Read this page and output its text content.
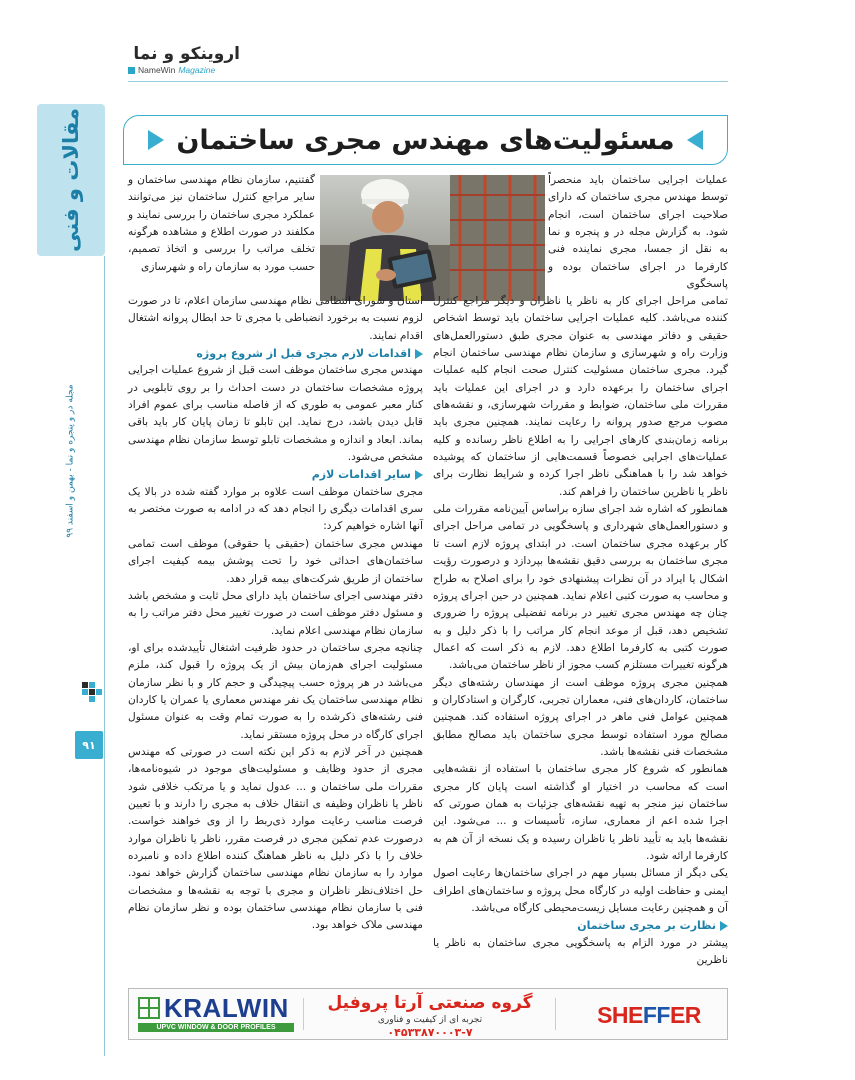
اروینکو و نما
NameWin Magazine
مقالات و فنی
مجله در و پنجره و نما - بهمن و اسفند ۹۹
۹۱
مسئولیت‌های مهندس مجری ساختمان

عملیات اجرایی ساختمان باید منحصراً توسط مهندس مجری ساختمان که دارای صلاحیت اجرای ساختمان است، انجام شود. به گزارش مجله در و پنجره و نما به نقل از جمسا، مجری نماینده فنی کارفرما در اجرای ساختمان بوده و پاسخگوی

گفتنیم، سازمان نظام مهندسی ساختمان و سایر مراجع کنترل ساختمان نیز می‌توانند عملکرد مجری ساختمان را بررسی نمایند و مکلفند در صورت اطلاع و مشاهده هرگونه تخلف مراتب را بررسی و اتخاذ تصمیم، حسب مورد به سازمان راه و شهرسازی

تمامی مراحل اجرای کار به ناظر یا ناظران و دیگر مراجع کنترل کننده می‌باشد. کلیه عملیات اجرایی ساختمان باید توسط اشخاص حقیقی و دفاتر مهندسی به عنوان مجری طبق دستورالعمل‌های وزارت راه و شهرسازی و سازمان نظام مهندسی ساختمان انجام گیرد. مجری ساختمان مسئولیت کنترل صحت انجام کلیه عملیات اجرای ساختمان را برعهده دارد و در اجرای این عملیات باید مقررات ملی ساختمان، ضوابط و مقررات شهرسازی، و نقشه‌های مصوب مرجع صدور پروانه را رعایت نمایند. همچنین مجری باید برنامه زمان‌بندی کارهای اجرایی را به اطلاع ناظر رسانده و کلیه عملیات‌های اجرایی خصوصاً قسمت‌هایی از ساختمان که پوشیده خواهد شد را با هماهنگی ناظر اجرا کرده و شرایط نظارت برای ناظر یا ناظرین ساختمان را فراهم کند.

همانطور که اشاره شد اجرای سازه براساس آیین‌نامه مقررات ملی و دستورالعمل‌های شهرداری و پاسخگویی در تمامی مراحل اجرای کار برعهده مجری ساختمان است. در ابتدای پروژه لازم است تا مجری ساختمان به بررسی دقیق نقشه‌ها بپردازد و درصورت رؤیت اشکال یا ایراد در آن نظرات پیشنهادی خود را برای اصلاح به طراح و محاسب به صورت کتبی اعلام نماید. همچنین در حین اجرای پروژه چنان چه مهندس مجری تغییر در برنامه تفضیلی پروژه را ضروری تشخیص دهد، قبل از موعد انجام کار مراتب را با ذکر دلیل و به صورت کتبی به کارفرما اطلاع دهد. لازم به ذکر است که اعمال هرگونه تغییرات مستلزم کسب مجوز از ناظر ساختمان می‌باشد.

همچنین مجری پروژه موظف است از مهندسان رشته‌های دیگر ساختمان، کاردان‌های فنی، معماران تجربی، کارگران و استادکاران و همچنین عوامل فنی ماهر در اجرای پروژه استفاده کند. همچنین مصالح مورد استفاده توسط مجری ساختمان باید مصالح مطابق مشخصات فنی نقشه‌ها باشد.

همانطور که شروع کار مجری ساختمان با استفاده از نقشه‌هایی است که محاسب در اختیار او گذاشته است پایان کار مجری ساختمان نیز منجر به تهیه نقشه‌های جزئیات به همان صورتی که اجرا شده اعم از معماری، سازه، تأسیسات و ... می‌شود. این نقشه‌ها باید به تأیید ناظر یا ناظران رسیده و یک نسخه از آن هم به کارفرما ارائه شود.

یکی دیگر از مسائل بسیار مهم در اجرای ساختمان‌ها رعایت اصول ایمنی و حفاظت اولیه در کارگاه محل پروژه و ساختمان‌های اطراف آن و همچنین رعایت مسایل زیست‌محیطی کارگاه می‌باشد.

نظارت بر مجری ساختمان

پیشتر در مورد الزام به پاسخگویی مجری ساختمان به ناظر یا ناظرین

استان و شورای انتظامی نظام مهندسی سازمان اعلام، تا در صورت لزوم نسبت به برخورد انضباطی با مجری تا حد ابطال پروانه اشتغال اقدام نمایند.

اقدامات لازم مجری قبل از شروع پروژه

مهندس مجری ساختمان موظف است قبل از شروع عملیات اجرایی پروژه مشخصات ساختمان در دست احداث را بر روی تابلویی در کنار معبر عمومی به طوری که از فاصله مناسب برای عموم افراد قابل دیدن باشد، درج نماید. این تابلو تا زمان پایان کار باید باقی بماند. ابعاد و اندازه و مشخصات تابلو توسط سازمان نظام مهندسی مشخص می‌شود.

سایر اقدامات لازم

مجری ساختمان موظف است علاوه بر موارد گفته شده در بالا یک سری اقدامات دیگری را انجام دهد که در ادامه به صورت مختصر به آنها اشاره خواهیم کرد:

مهندس مجری ساختمان (حقیقی یا حقوقی) موظف است تمامی ساختمان‌های احداثی خود را تحت پوشش بیمه کیفیت اجرای ساختمان از طریق شرکت‌های بیمه قرار دهد.

دفتر مهندسی اجرای ساختمان باید دارای محل ثابت و مشخص باشد و مسئول دفتر موظف است در صورت تغییر محل دفتر مراتب را به سازمان نظام مهندسی اعلام نماید.

چنانچه مجری ساختمان در حدود ظرفیت اشتغال تأییدشده برای او، مسئولیت اجرای هم‌زمان بیش از یک پروژه را قبول کند، ملزم می‌باشد در هر پروژه حسب پیچیدگی و حجم کار و با نظر سازمان نظام مهندسی ساختمان یک نفر مهندس معماری یا عمران یا کاردان فنی رشته‌های ذکرشده را به صورت تمام وقت به عنوان مسئول اجرای کارگاه در محل پروژه مستقر نماید.

همچنین در آخر لازم به ذکر این نکته است در صورتی که مهندس مجری از حدود وظایف و مسئولیت‌های موجود در شیوه‌نامه‌ها، مقررات ملی ساختمان و ... عدول نماید و یا مرتکب خلافی شود ناظر یا ناظران وظیفه ی انتقال خلاف به مجری را دارند و با تعیین فرصت مناسب رعایت موارد ذی‌ربط را از وی خواهند خواست. درصورت عدم تمکین مجری در فرصت مقرر، ناظر یا ناظران موارد خلاف را با ذکر دلیل به ناظر هماهنگ کننده اطلاع داده و نامبرده موارد را به سازمان نظام مهندسی ساختمان گزارش خواهد نمود. حل اختلاف‌نظر ناظران و مجری با توجه به نقشه‌ها و مشخصات فنی با سازمان نظام مهندسی ساختمان بوده و نظر سازمان نظام مهندسی ملاک خواهد بود.

KRALWIN
UPVC WINDOW & DOOR PROFILES
گروه صنعتی آرتا پروفیل
تجربه ای از کیفیت و فناوری
۰۴۵۳۳۸۷۰۰۰۳-۷
SHEFFER
